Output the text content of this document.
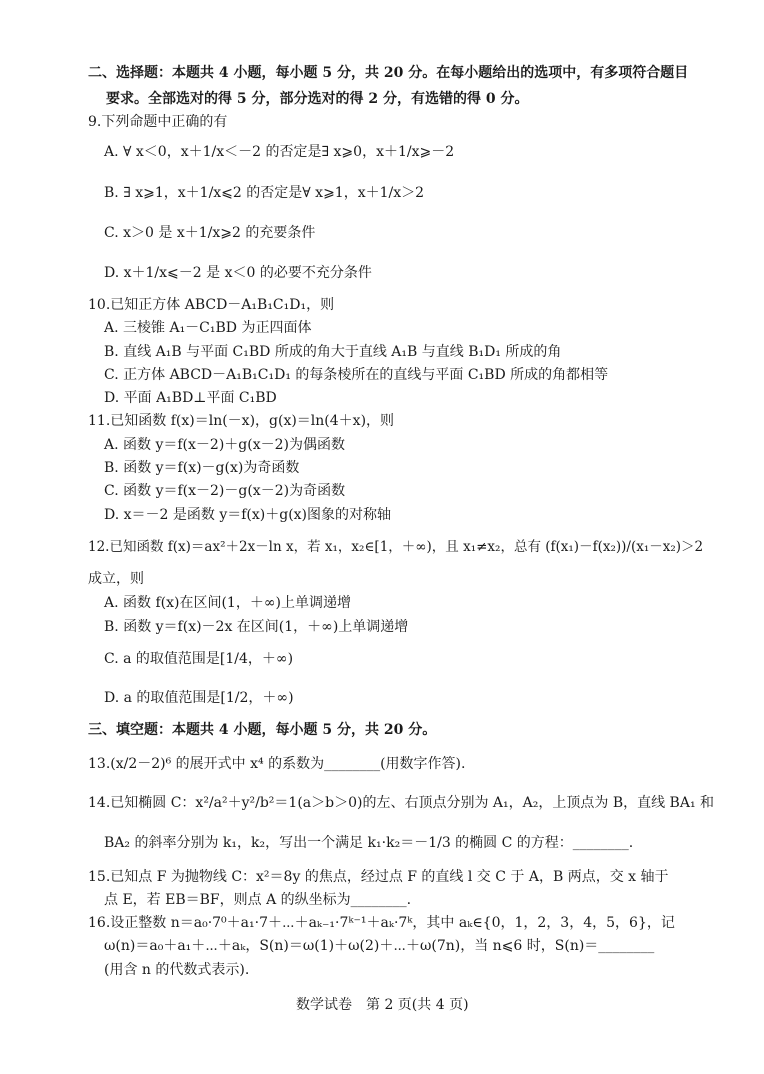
二、选择题：本题共 4 小题，每小题 5 分，共 20 分。在每小题给出的选项中，有多项符合题目
要求。全部选对的得 5 分，部分选对的得 2 分，有选错的得 0 分。
9.下列命题中正确的有
A. ∀ x＜0，x＋1/x＜－2 的否定是∃ x⩾0，x＋1/x⩾－2
B. ∃ x⩾1，x＋1/x⩽2 的否定是∀ x⩾1，x＋1/x＞2
C. x＞0 是 x＋1/x⩾2 的充要条件
D. x＋1/x⩽－2 是 x＜0 的必要不充分条件
10.已知正方体 ABCD－A₁B₁C₁D₁，则
A. 三棱锥 A₁－C₁BD 为正四面体
B. 直线 A₁B 与平面 C₁BD 所成的角大于直线 A₁B 与直线 B₁D₁ 所成的角
C. 正方体 ABCD－A₁B₁C₁D₁ 的每条棱所在的直线与平面 C₁BD 所成的角都相等
D. 平面 A₁BD⊥平面 C₁BD
11.已知函数 f(x)＝ln(－x)，g(x)＝ln(4＋x)，则
A. 函数 y＝f(x－2)＋g(x－2)为偶函数
B. 函数 y＝f(x)－g(x)为奇函数
C. 函数 y＝f(x－2)－g(x－2)为奇函数
D. x＝－2 是函数 y＝f(x)＋g(x)图象的对称轴
12.已知函数 f(x)＝ax²＋2x－ln x，若 x₁，x₂∈[1，＋∞)，且 x₁≠x₂，总有 (f(x₁)－f(x₂))/(x₁－x₂)＞2
成立，则
A. 函数 f(x)在区间(1，＋∞)上单调递增
B. 函数 y＝f(x)－2x 在区间(1，＋∞)上单调递增
C. a 的取值范围是[1/4，＋∞)
D. a 的取值范围是[1/2，＋∞)
三、填空题：本题共 4 小题，每小题 5 分，共 20 分。
13.(x/2－2)⁶ 的展开式中 x⁴ 的系数为________(用数字作答).
14.已知椭圆 C：x²/a²＋y²/b²＝1(a＞b＞0)的左、右顶点分别为 A₁，A₂，上顶点为 B，直线 BA₁ 和
BA₂ 的斜率分别为 k₁，k₂，写出一个满足 k₁·k₂＝－1/3 的椭圆 C 的方程：________.
15.已知点 F 为抛物线 C：x²＝8y 的焦点，经过点 F 的直线 l 交 C 于 A，B 两点，交 x 轴于
点 E，若 EB＝BF，则点 A 的纵坐标为________.
16.设正整数 n＝a₀·7⁰＋a₁·7＋⋯＋aₖ₋₁·7ᵏ⁻¹＋aₖ·7ᵏ，其中 aₖ∈{0，1，2，3，4，5，6}，记
ω(n)＝a₀＋a₁＋⋯＋aₖ，S(n)＝ω(1)＋ω(2)＋⋯＋ω(7n)，当 n⩽6 时，S(n)＝________
(用含 n 的代数式表示).
数学试卷　第 2 页(共 4 页)
